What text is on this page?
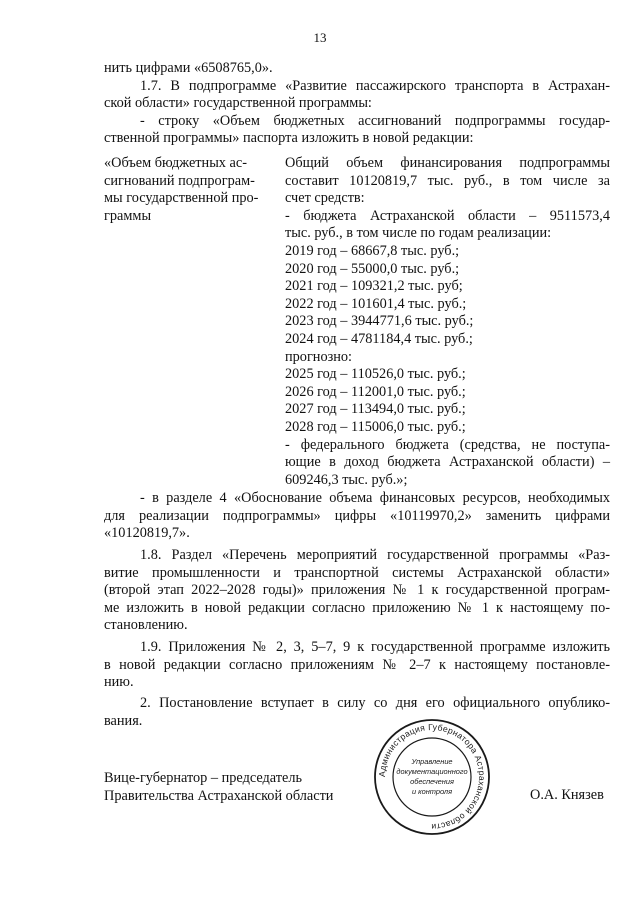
13
нить цифрами «6508765,0».
1.7. В подпрограмме «Развитие пассажирского транспорта в Астрахан-
ской области» государственной программы:
- строку «Объем бюджетных ассигнований подпрограммы государ-
ственной программы» паспорта изложить в новой редакции:
«Объем бюджетных ас-
сигнований подпрограм-
мы государственной про-
граммы
Общий объем финансирования подпрограммы
составит 10120819,7 тыс. руб., в том числе за
счет средств:
- бюджета Астраханской области – 9511573,4
тыс. руб., в том числе по годам реализации:
2019 год – 68667,8 тыс. руб.;
2020 год – 55000,0 тыс. руб.;
2021 год – 109321,2 тыс. руб;
2022 год – 101601,4 тыс. руб.;
2023 год – 3944771,6 тыс. руб.;
2024 год – 4781184,4 тыс. руб.;
прогнозно:
2025 год – 110526,0 тыс. руб.;
2026 год – 112001,0 тыс. руб.;
2027 год – 113494,0 тыс. руб.;
2028 год – 115006,0 тыс. руб.;
- федерального бюджета (средства, не поступа-
ющие в доход бюджета Астраханской области) –
609246,3 тыс. руб.»;
- в разделе 4 «Обоснование объема финансовых ресурсов, необходимых
для реализации подпрограммы» цифры «10119970,2» заменить цифрами
«10120819,7».
1.8. Раздел «Перечень мероприятий государственной программы «Раз-
витие промышленности и транспортной системы Астраханской области»
(второй этап 2022–2028 годы)» приложения № 1 к государственной програм-
ме изложить в новой редакции согласно приложению № 1 к настоящему по-
становлению.
1.9. Приложения № 2, 3, 5–7, 9 к государственной программе изложить
в новой редакции согласно приложениям № 2–7 к настоящему постановле-
нию.
2. Постановление вступает в силу со дня его официального опублико-
вания.
Вице-губернатор – председатель
Правительства Астраханской области	О.А. Князев
Администрация Губернатора Астраханской области
Управление
документационного
обеспечения
и контроля
